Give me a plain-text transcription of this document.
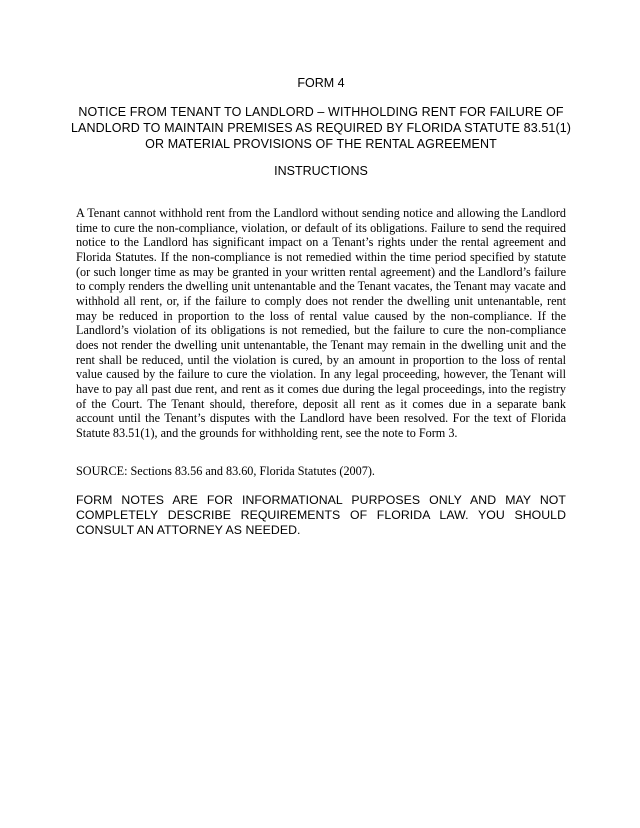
FORM 4
NOTICE FROM TENANT TO LANDLORD – WITHHOLDING RENT FOR FAILURE OF LANDLORD TO MAINTAIN PREMISES AS REQUIRED BY FLORIDA STATUTE 83.51(1) OR MATERIAL PROVISIONS OF THE RENTAL AGREEMENT
INSTRUCTIONS
A Tenant cannot withhold rent from the Landlord without sending notice and allowing the Landlord time to cure the non-compliance, violation, or default of its obligations. Failure to send the required notice to the Landlord has significant impact on a Tenant’s rights under the rental agreement and Florida Statutes. If the non-compliance is not remedied within the time period specified by statute (or such longer time as may be granted in your written rental agreement) and the Landlord’s failure to comply renders the dwelling unit untenantable and the Tenant vacates, the Tenant may vacate and withhold all rent, or, if the failure to comply does not render the dwelling unit untenantable, rent may be reduced in proportion to the loss of rental value caused by the non-compliance. If the Landlord’s violation of its obligations is not remedied, but the failure to cure the non-compliance does not render the dwelling unit untenantable, the Tenant may remain in the dwelling unit and the rent shall be reduced, until the violation is cured, by an amount in proportion to the loss of rental value caused by the failure to cure the violation. In any legal proceeding, however, the Tenant will have to pay all past due rent, and rent as it comes due during the legal proceedings, into the registry of the Court. The Tenant should, therefore, deposit all rent as it comes due in a separate bank account until the Tenant’s disputes with the Landlord have been resolved. For the text of Florida Statute 83.51(1), and the grounds for withholding rent, see the note to Form 3.
SOURCE: Sections 83.56 and 83.60, Florida Statutes (2007).
FORM NOTES ARE FOR INFORMATIONAL PURPOSES ONLY AND MAY NOT COMPLETELY DESCRIBE REQUIREMENTS OF FLORIDA LAW. YOU SHOULD CONSULT AN ATTORNEY AS NEEDED.
